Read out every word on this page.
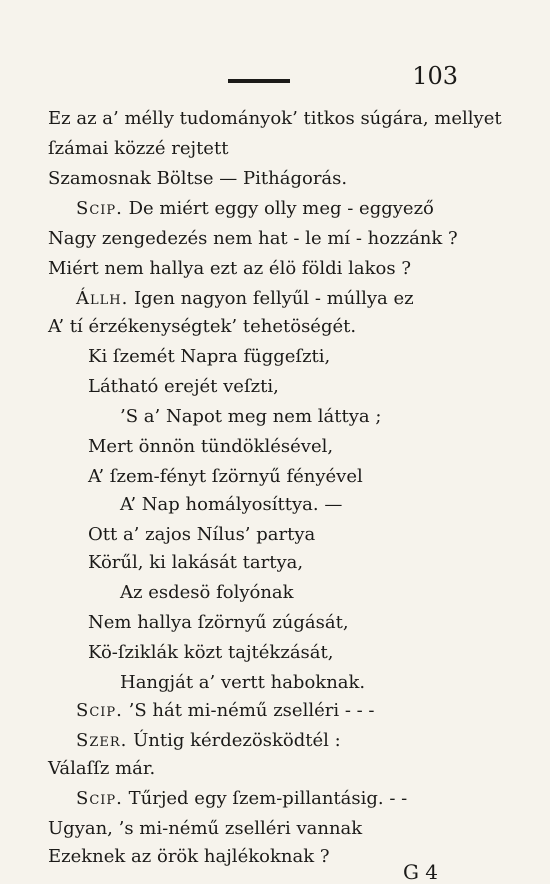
103
Ez az a’ mélly tudományok’ titkos súgára, mellyet
ſzámai közzé rejtett
Szamosnak Böltse — Pithágorás.
Scip. De miért eggy olly meg - eggyező
Nagy zengedezés nem hat - le mí - hozzánk ?
Miért nem hallya ezt az élö földi lakos ?
Állh. Igen nagyon fellyűl - múllya ez
A’ tí érzékenységtek’ tehetöségét.
Ki ſzemét Napra függeſzti,
Látható erejét veſzti,
’S a’ Napot meg nem láttya ;
Mert önnön tündöklésével,
A’ ſzem-fényt ſzörnyű fényével
A’ Nap homályosíttya. —
Ott a’ zajos Nílus’ partya
Körűl, ki lakását tartya,
Az esdesö folyónak
Nem hallya ſzörnyű zúgását,
Kö-ſziklák közt tajtékzását,
Hangját a’ vertt haboknak.
Scip. ’S hát mi-némű zselléri - - -
Szer. Úntig kérdezösködtél :
Válaſſz már.
Scip. Tűrjed egy ſzem-pillantásig. - -
Ugyan, ’s mi-némű zselléri vannak
Ezeknek az örök hajlékoknak ?
G 4
